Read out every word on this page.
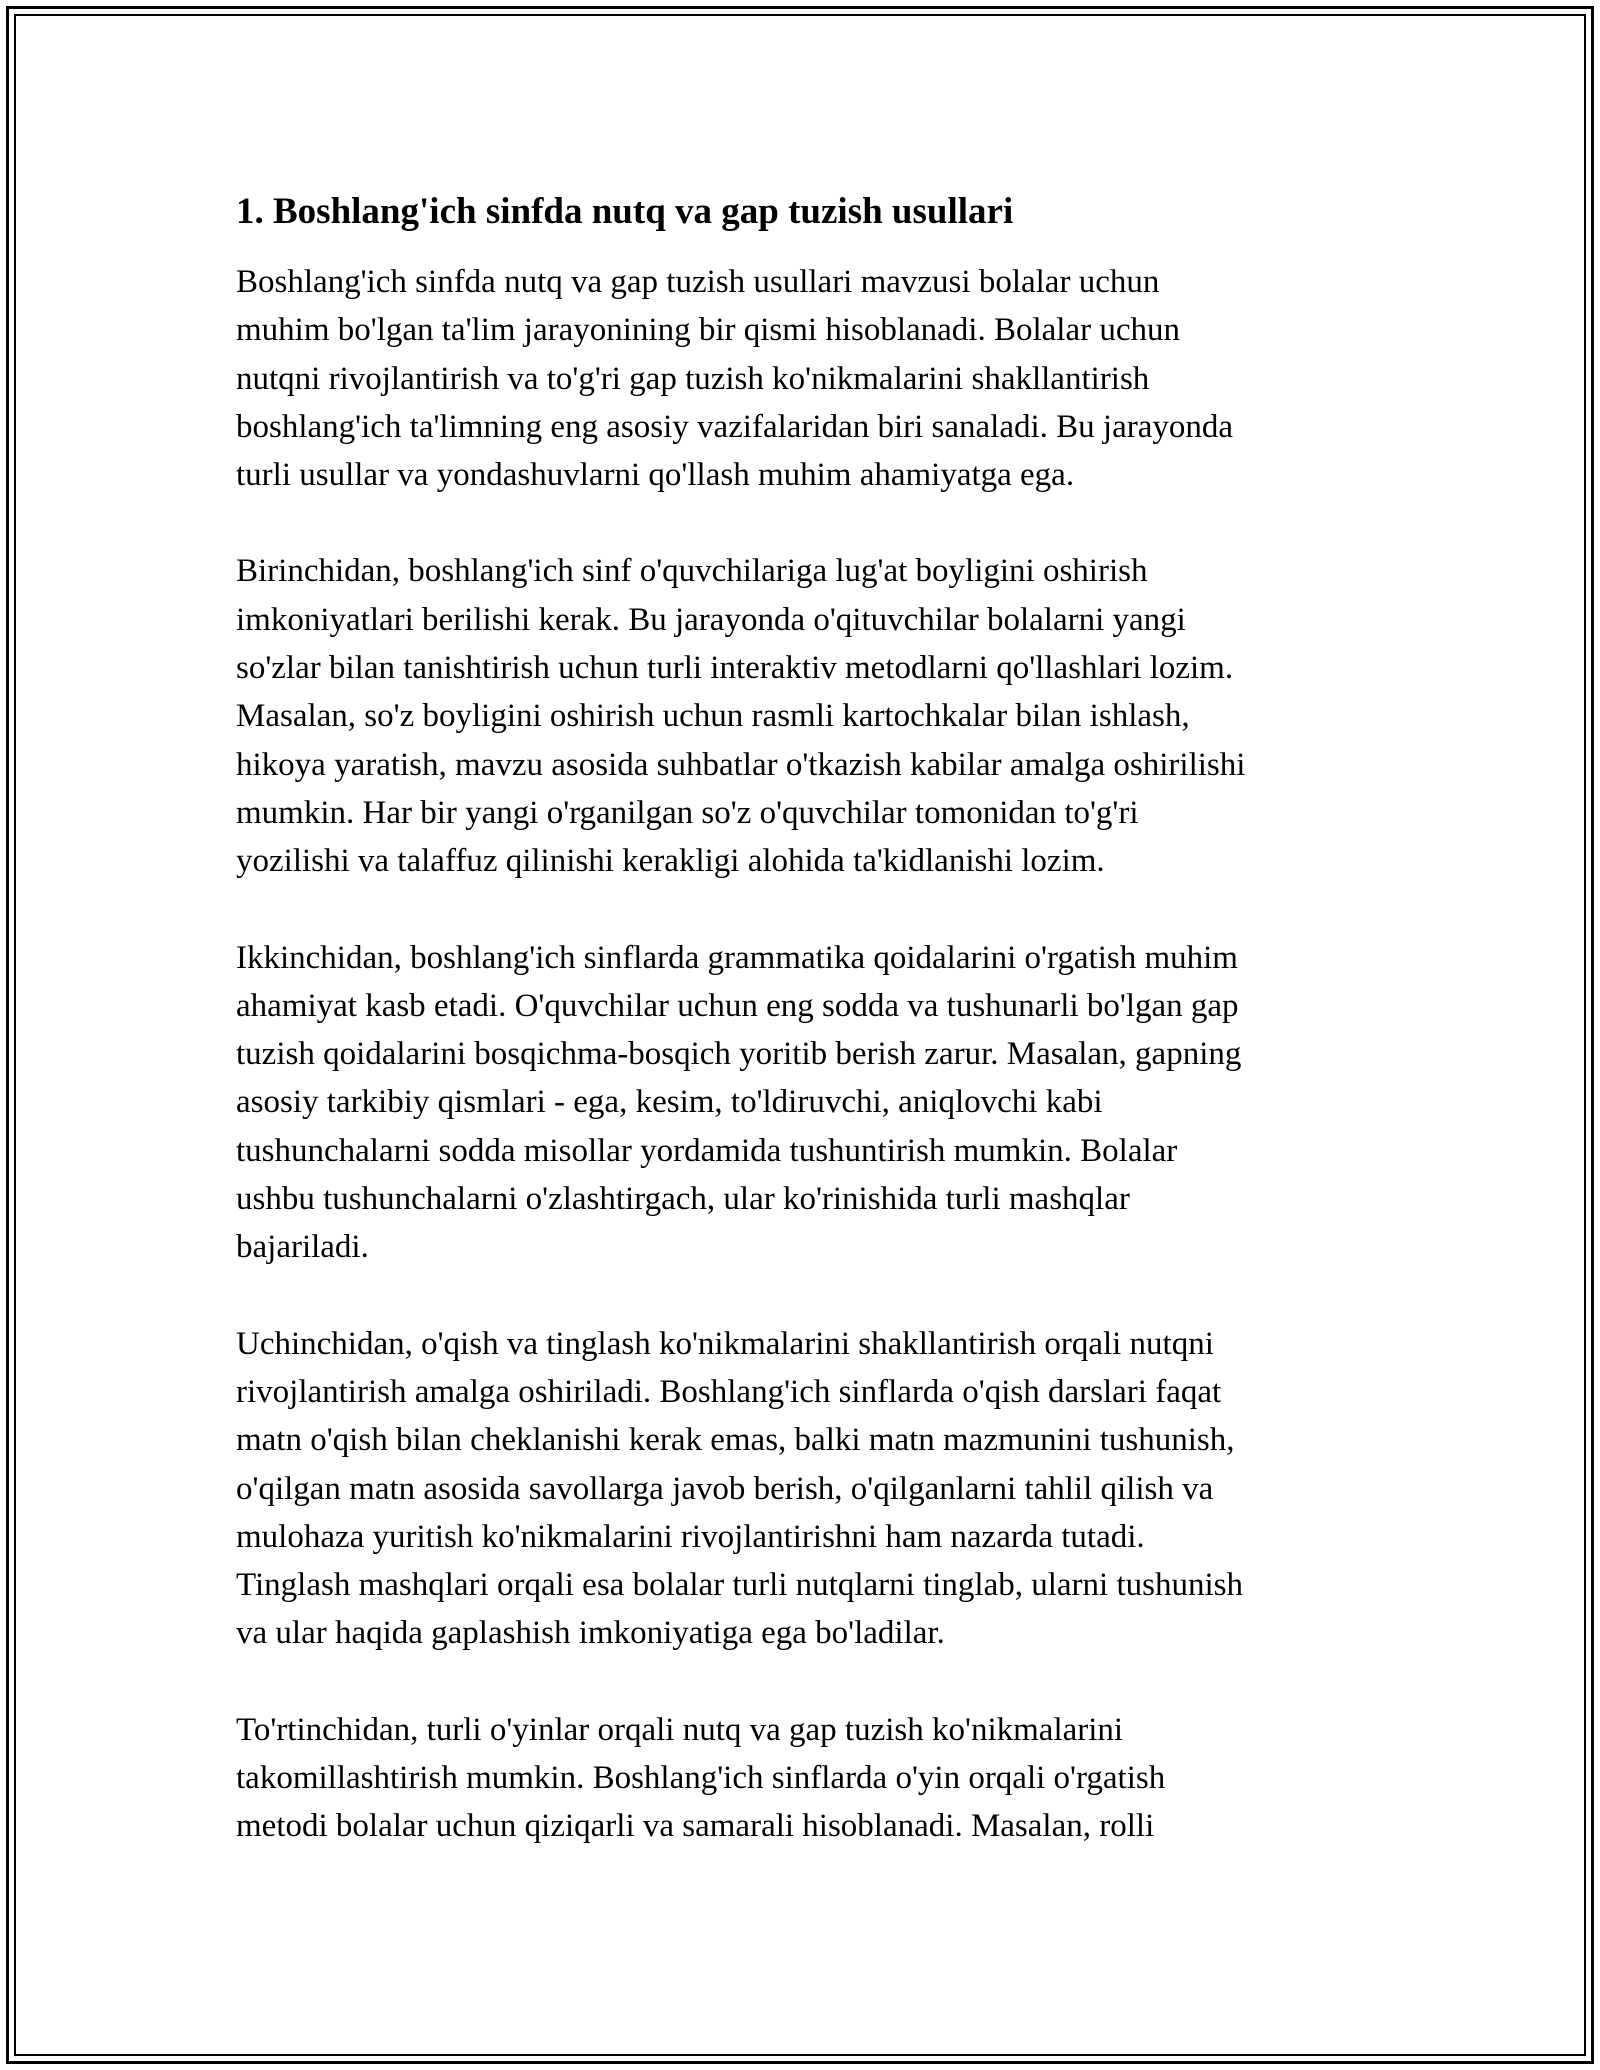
1. Boshlang'ich sinfda nutq va gap tuzish usullari
Boshlang'ich sinfda nutq va gap tuzish usullari mavzusi bolalar uchun
muhim bo'lgan ta'lim jarayonining bir qismi hisoblanadi. Bolalar uchun
nutqni rivojlantirish va to'g'ri gap tuzish ko'nikmalarini shakllantirish
boshlang'ich ta'limning eng asosiy vazifalaridan biri sanaladi. Bu jarayonda
turli usullar va yondashuvlarni qo'llash muhim ahamiyatga ega.
Birinchidan, boshlang'ich sinf o'quvchilariga lug'at boyligini oshirish
imkoniyatlari berilishi kerak. Bu jarayonda o'qituvchilar bolalarni yangi
so'zlar bilan tanishtirish uchun turli interaktiv metodlarni qo'llashlari lozim.
Masalan, so'z boyligini oshirish uchun rasmli kartochkalar bilan ishlash,
hikoya yaratish, mavzu asosida suhbatlar o'tkazish kabilar amalga oshirilishi
mumkin. Har bir yangi o'rganilgan so'z o'quvchilar tomonidan to'g'ri
yozilishi va talaffuz qilinishi kerakligi alohida ta'kidlanishi lozim.
Ikkinchidan, boshlang'ich sinflarda grammatika qoidalarini o'rgatish muhim
ahamiyat kasb etadi. O'quvchilar uchun eng sodda va tushunarli bo'lgan gap
tuzish qoidalarini bosqichma-bosqich yoritib berish zarur. Masalan, gapning
asosiy tarkibiy qismlari - ega, kesim, to'ldiruvchi, aniqlovchi kabi
tushunchalarni sodda misollar yordamida tushuntirish mumkin. Bolalar
ushbu tushunchalarni o'zlashtirgach, ular ko'rinishida turli mashqlar
bajariladi.
Uchinchidan, o'qish va tinglash ko'nikmalarini shakllantirish orqali nutqni
rivojlantirish amalga oshiriladi. Boshlang'ich sinflarda o'qish darslari faqat
matn o'qish bilan cheklanishi kerak emas, balki matn mazmunini tushunish,
o'qilgan matn asosida savollarga javob berish, o'qilganlarni tahlil qilish va
mulohaza yuritish ko'nikmalarini rivojlantirishni ham nazarda tutadi.
Tinglash mashqlari orqali esa bolalar turli nutqlarni tinglab, ularni tushunish
va ular haqida gaplashish imkoniyatiga ega bo'ladilar.
To'rtinchidan, turli o'yinlar orqali nutq va gap tuzish ko'nikmalarini
takomillashtirish mumkin. Boshlang'ich sinflarda o'yin orqali o'rgatish
metodi bolalar uchun qiziqarli va samarali hisoblanadi. Masalan, rolli
